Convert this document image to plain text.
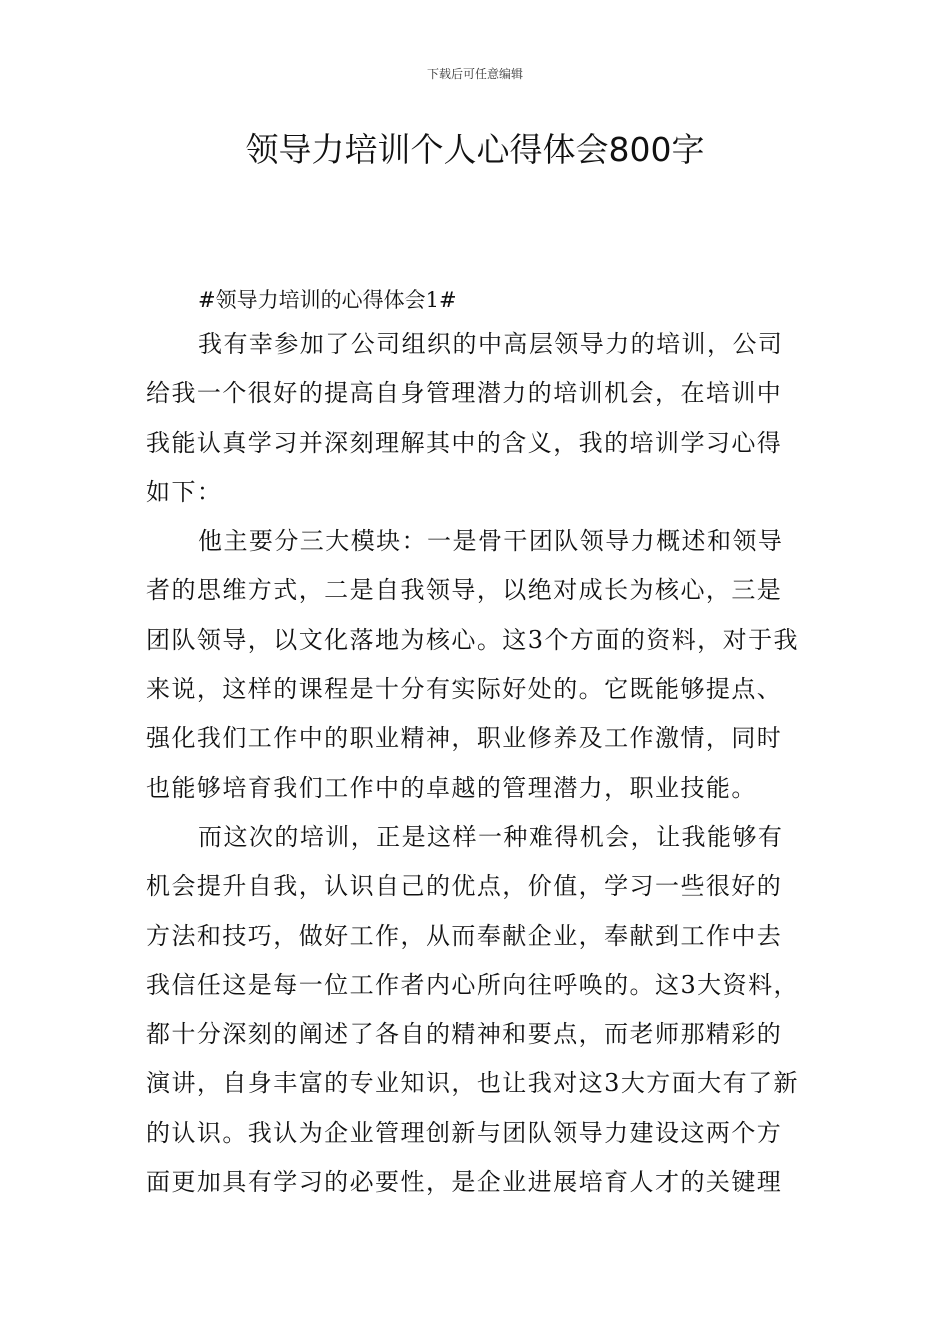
下载后可任意编辑
领导力培训个人心得体会800字

#领导力培训的心得体会1#

我有幸参加了公司组织的中高层领导力的培训，公司
给我一个很好的提高自身管理潜力的培训机会，在培训中
我能认真学习并深刻理解其中的含义，我的培训学习心得
如下：

他主要分三大模块：一是骨干团队领导力概述和领导
者的思维方式，二是自我领导，以绝对成长为核心，三是
团队领导，以文化落地为核心。这3个方面的资料，对于我
来说，这样的课程是十分有实际好处的。它既能够提点、
强化我们工作中的职业精神，职业修养及工作激情，同时
也能够培育我们工作中的卓越的管理潜力，职业技能。

而这次的培训，正是这样一种难得机会，让我能够有
机会提升自我，认识自己的优点，价值，学习一些很好的
方法和技巧，做好工作，从而奉献企业，奉献到工作中去
我信任这是每一位工作者内心所向往呼唤的。这3大资料，
都十分深刻的阐述了各自的精神和要点，而老师那精彩的
演讲，自身丰富的专业知识，也让我对这3大方面大有了新
的认识。我认为企业管理创新与团队领导力建设这两个方
面更加具有学习的必要性，是企业进展培育人才的关键理
